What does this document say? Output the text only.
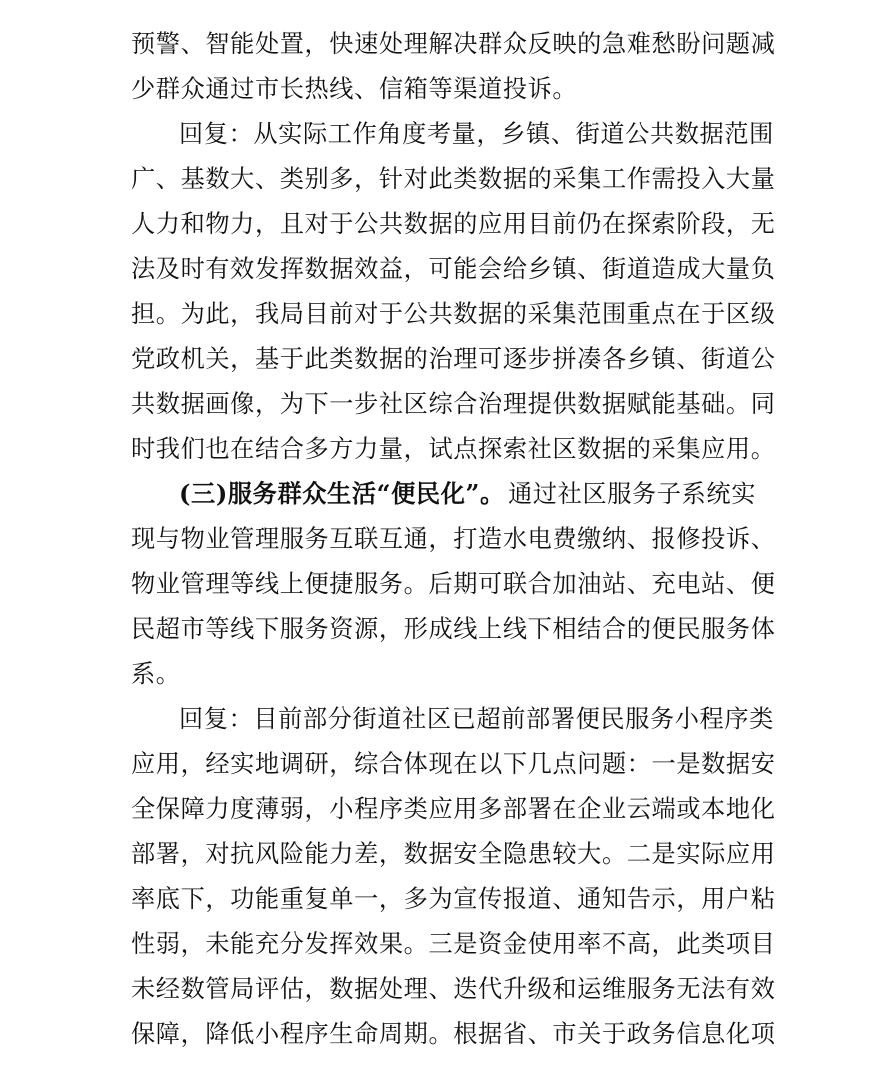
预警、智能处置，快速处理解决群众反映的急难愁盼问题减
少群众通过市长热线、信箱等渠道投诉。
回复：从实际工作角度考量，乡镇、街道公共数据范围
广、基数大、类别多，针对此类数据的采集工作需投入大量
人力和物力，且对于公共数据的应用目前仍在探索阶段，无
法及时有效发挥数据效益，可能会给乡镇、街道造成大量负
担。为此，我局目前对于公共数据的采集范围重点在于区级
党政机关，基于此类数据的治理可逐步拼凑各乡镇、街道公
共数据画像，为下一步社区综合治理提供数据赋能基础。同
时我们也在结合多方力量，试点探索社区数据的采集应用。
(三)服务群众生活“便民化”。 通过社区服务子系统实
现与物业管理服务互联互通，打造水电费缴纳、报修投诉、
物业管理等线上便捷服务。后期可联合加油站、充电站、便
民超市等线下服务资源，形成线上线下相结合的便民服务体
系。
回复：目前部分街道社区已超前部署便民服务小程序类
应用，经实地调研，综合体现在以下几点问题：一是数据安
全保障力度薄弱，小程序类应用多部署在企业云端或本地化
部署，对抗风险能力差，数据安全隐患较大。二是实际应用
率底下，功能重复单一，多为宣传报道、通知告示，用户粘
性弱，未能充分发挥效果。三是资金使用率不高，此类项目
未经数管局评估，数据处理、迭代升级和运维服务无法有效
保障，降低小程序生命周期。根据省、市关于政务信息化项
